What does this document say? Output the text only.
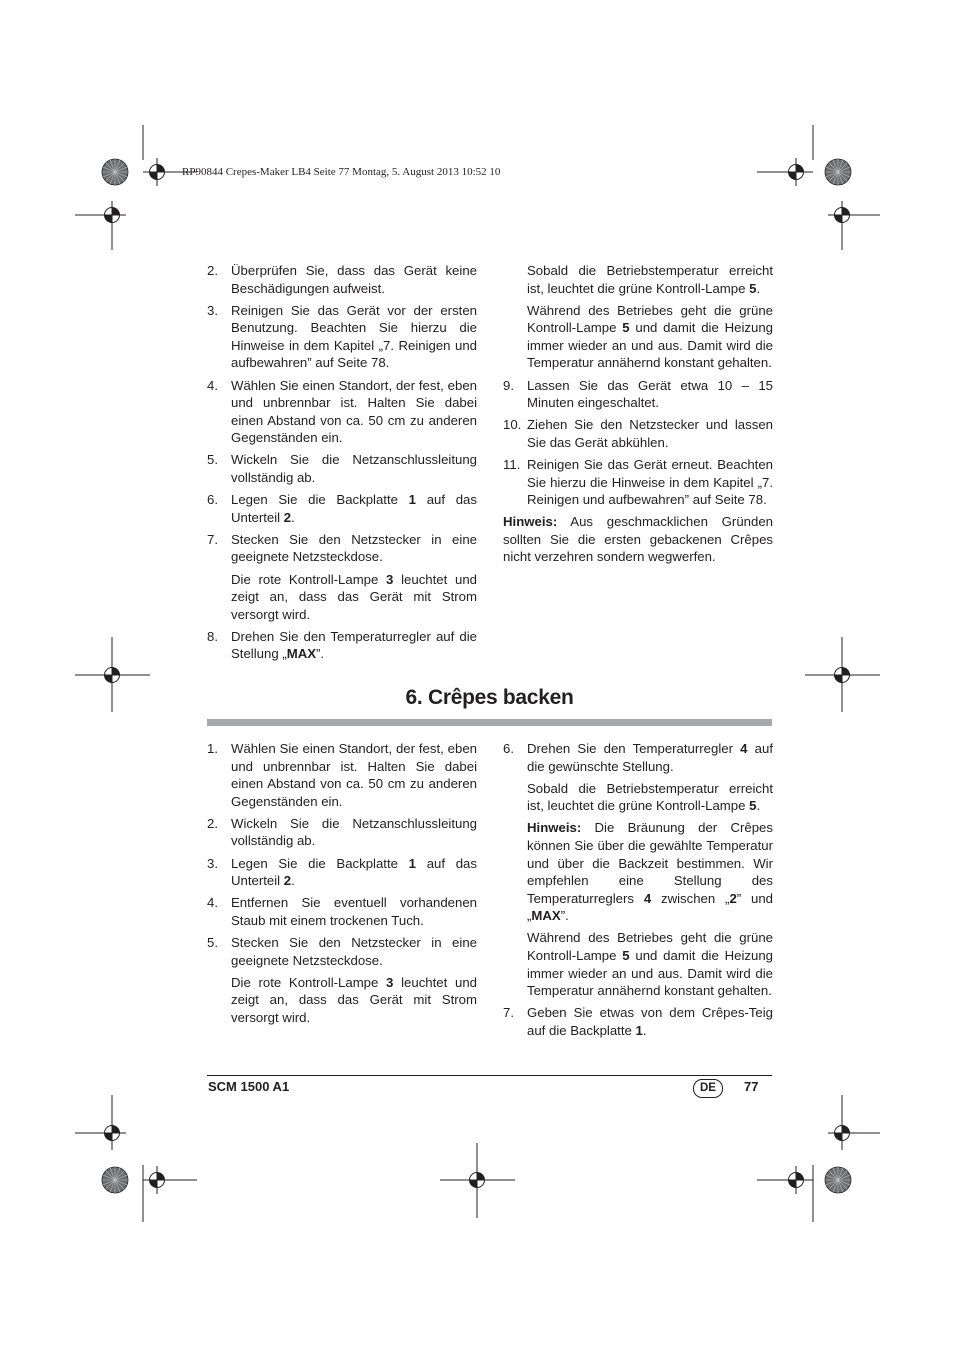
RP90844 Crepes-Maker LB4 Seite 77 Montag, 5. August 2013 10:52 10
2. Überprüfen Sie, dass das Gerät keine Beschädigungen aufweist.
3. Reinigen Sie das Gerät vor der ersten Benutzung. Beachten Sie hierzu die Hinweise in dem Kapitel „7. Reinigen und aufbewahren” auf Seite 78.
4. Wählen Sie einen Standort, der fest, eben und unbrennbar ist. Halten Sie dabei einen Abstand von ca. 50 cm zu anderen Gegenständen ein.
5. Wickeln Sie die Netzanschlussleitung vollständig ab.
6. Legen Sie die Backplatte 1 auf das Unterteil 2.
7. Stecken Sie den Netzstecker in eine geeignete Netzsteckdose.
Die rote Kontroll-Lampe 3 leuchtet und zeigt an, dass das Gerät mit Strom versorgt wird.
8. Drehen Sie den Temperaturregler auf die Stellung „MAX”.
Sobald die Betriebstemperatur erreicht ist, leuchtet die grüne Kontroll-Lampe 5.
Während des Betriebes geht die grüne Kontroll-Lampe 5 und damit die Heizung immer wieder an und aus. Damit wird die Temperatur annähernd konstant gehalten.
9. Lassen Sie das Gerät etwa 10 – 15 Minuten eingeschaltet.
10. Ziehen Sie den Netzstecker und lassen Sie das Gerät abkühlen.
11. Reinigen Sie das Gerät erneut. Beachten Sie hierzu die Hinweise in dem Kapitel „7. Reinigen und aufbewahren” auf Seite 78.
Hinweis: Aus geschmacklichen Gründen sollten Sie die ersten gebackenen Crêpes nicht verzehren sondern wegwerfen.
6. Crêpes backen
1. Wählen Sie einen Standort, der fest, eben und unbrennbar ist. Halten Sie dabei einen Abstand von ca. 50 cm zu anderen Gegenständen ein.
2. Wickeln Sie die Netzanschlussleitung vollständig ab.
3. Legen Sie die Backplatte 1 auf das Unterteil 2.
4. Entfernen Sie eventuell vorhandenen Staub mit einem trockenen Tuch.
5. Stecken Sie den Netzstecker in eine geeignete Netzsteckdose.
Die rote Kontroll-Lampe 3 leuchtet und zeigt an, dass das Gerät mit Strom versorgt wird.
6. Drehen Sie den Temperaturregler 4 auf die gewünschte Stellung.
Sobald die Betriebstemperatur erreicht ist, leuchtet die grüne Kontroll-Lampe 5.
Hinweis: Die Bräunung der Crêpes können Sie über die gewählte Temperatur und über die Backzeit bestimmen. Wir empfehlen eine Stellung des Temperaturreglers 4 zwischen „2” und „MAX”.
Während des Betriebes geht die grüne Kontroll-Lampe 5 und damit die Heizung immer wieder an und aus. Damit wird die Temperatur annähernd konstant gehalten.
7. Geben Sie etwas von dem Crêpes-Teig auf die Backplatte 1.
SCM 1500 A1	DE	77
